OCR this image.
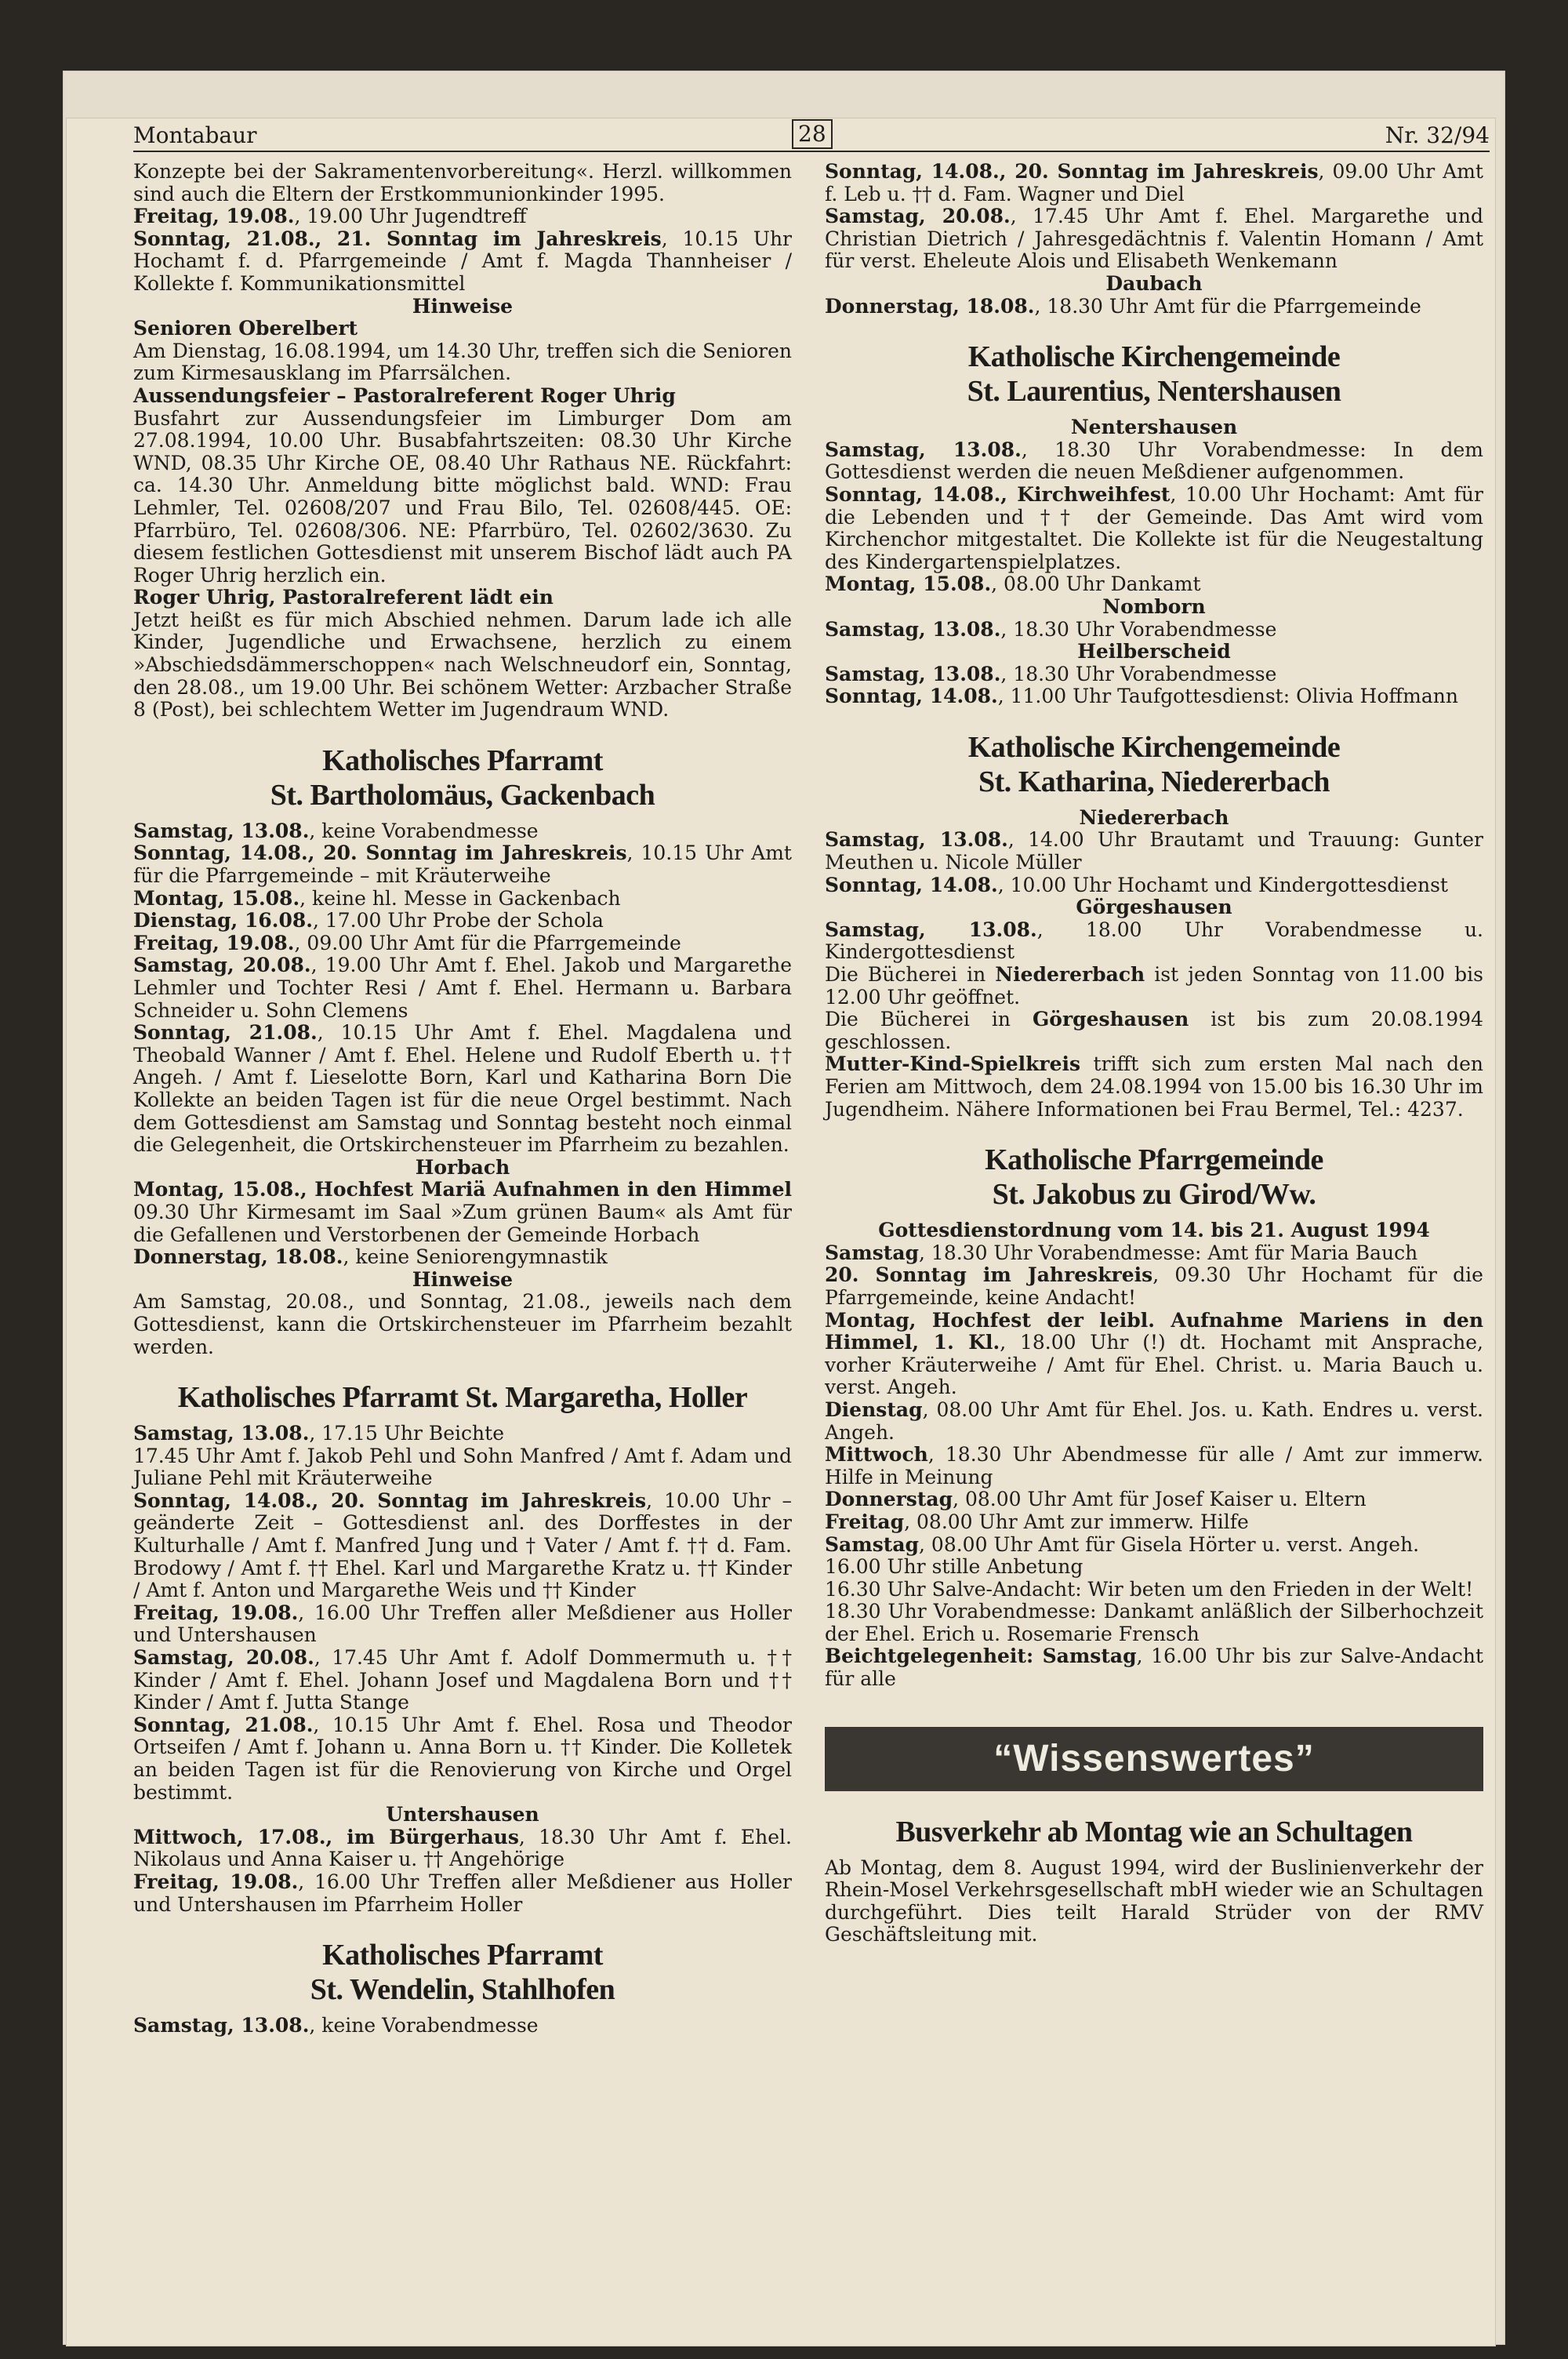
Montabaur	28	Nr. 32/94

Konzepte bei der Sakramentenvorbereitung«. Herzl. willkommen sind auch die Eltern der Erstkommunionkinder 1995.

Freitag, 19.08., 19.00 Uhr Jugendtreff

Sonntag, 21.08., 21. Sonntag im Jahreskreis, 10.15 Uhr Hochamt f. d. Pfarrgemeinde / Amt f. Magda Thannheiser / Kollekte f. Kommunikationsmittel

Hinweise

Senioren Oberelbert

Am Dienstag, 16.08.1994, um 14.30 Uhr, treffen sich die Senioren zum Kirmesausklang im Pfarrsälchen.

Aussendungsfeier – Pastoralreferent Roger Uhrig

Busfahrt zur Aussendungsfeier im Limburger Dom am 27.08.1994, 10.00 Uhr. Busabfahrtszeiten: 08.30 Uhr Kirche WND, 08.35 Uhr Kirche OE, 08.40 Uhr Rathaus NE. Rückfahrt: ca. 14.30 Uhr. Anmeldung bitte möglichst bald. WND: Frau Lehmler, Tel. 02608/207 und Frau Bilo, Tel. 02608/445. OE: Pfarrbüro, Tel. 02608/306. NE: Pfarrbüro, Tel. 02602/3630. Zu diesem festlichen Gottesdienst mit unserem Bischof lädt auch PA Roger Uhrig herzlich ein.

Roger Uhrig, Pastoralreferent lädt ein

Jetzt heißt es für mich Abschied nehmen. Darum lade ich alle Kinder, Jugendliche und Erwachsene, herzlich zu einem »Abschiedsdämmerschoppen« nach Welschneudorf ein, Sonntag, den 28.08., um 19.00 Uhr. Bei schönem Wetter: Arzbacher Straße 8 (Post), bei schlechtem Wetter im Jugendraum WND.

Katholisches Pfarramt
St. Bartholomäus, Gackenbach

Samstag, 13.08., keine Vorabendmesse

Sonntag, 14.08., 20. Sonntag im Jahreskreis, 10.15 Uhr Amt für die Pfarrgemeinde – mit Kräuterweihe

Montag, 15.08., keine hl. Messe in Gackenbach

Dienstag, 16.08., 17.00 Uhr Probe der Schola

Freitag, 19.08., 09.00 Uhr Amt für die Pfarrgemeinde

Samstag, 20.08., 19.00 Uhr Amt f. Ehel. Jakob und Margarethe Lehmler und Tochter Resi / Amt f. Ehel. Hermann u. Barbara Schneider u. Sohn Clemens

Sonntag, 21.08., 10.15 Uhr Amt f. Ehel. Magdalena und Theobald Wanner / Amt f. Ehel. Helene und Rudolf Eberth u. †† Angeh. / Amt f. Lieselotte Born, Karl und Katharina Born Die Kollekte an beiden Tagen ist für die neue Orgel bestimmt. Nach dem Gottesdienst am Samstag und Sonntag besteht noch einmal die Gelegenheit, die Ortskirchensteuer im Pfarrheim zu bezahlen.

Horbach

Montag, 15.08., Hochfest Mariä Aufnahmen in den Himmel 09.30 Uhr Kirmesamt im Saal »Zum grünen Baum« als Amt für die Gefallenen und Verstorbenen der Gemeinde Horbach

Donnerstag, 18.08., keine Seniorengymnastik

Hinweise

Am Samstag, 20.08., und Sonntag, 21.08., jeweils nach dem Gottesdienst, kann die Ortskirchensteuer im Pfarrheim bezahlt werden.

Katholisches Pfarramt St. Margaretha, Holler

Samstag, 13.08., 17.15 Uhr Beichte

17.45 Uhr Amt f. Jakob Pehl und Sohn Manfred / Amt f. Adam und Juliane Pehl mit Kräuterweihe

Sonntag, 14.08., 20. Sonntag im Jahreskreis, 10.00 Uhr – geänderte Zeit – Gottesdienst anl. des Dorffestes in der Kulturhalle / Amt f. Manfred Jung und † Vater / Amt f. †† d. Fam. Brodowy / Amt f. †† Ehel. Karl und Margarethe Kratz u. †† Kinder / Amt f. Anton und Margarethe Weis und †† Kinder

Freitag, 19.08., 16.00 Uhr Treffen aller Meßdiener aus Holler und Untershausen

Samstag, 20.08., 17.45 Uhr Amt f. Adolf Dommermuth u. †† Kinder / Amt f. Ehel. Johann Josef und Magdalena Born und †† Kinder / Amt f. Jutta Stange

Sonntag, 21.08., 10.15 Uhr Amt f. Ehel. Rosa und Theodor Ortseifen / Amt f. Johann u. Anna Born u. †† Kinder. Die Kolletek an beiden Tagen ist für die Renovierung von Kirche und Orgel bestimmt.

Untershausen

Mittwoch, 17.08., im Bürgerhaus, 18.30 Uhr Amt f. Ehel. Nikolaus und Anna Kaiser u. †† Angehörige

Freitag, 19.08., 16.00 Uhr Treffen aller Meßdiener aus Holler und Untershausen im Pfarrheim Holler

Katholisches Pfarramt
St. Wendelin, Stahlhofen

Samstag, 13.08., keine Vorabendmesse

Sonntag, 14.08., 20. Sonntag im Jahreskreis, 09.00 Uhr Amt f. Leb u. †† d. Fam. Wagner und Diel

Samstag, 20.08., 17.45 Uhr Amt f. Ehel. Margarethe und Christian Dietrich / Jahresgedächtnis f. Valentin Homann / Amt für verst. Eheleute Alois und Elisabeth Wenkemann

Daubach

Donnerstag, 18.08., 18.30 Uhr Amt für die Pfarrgemeinde

Katholische Kirchengemeinde
St. Laurentius, Nentershausen

Nentershausen

Samstag, 13.08., 18.30 Uhr Vorabendmesse: In dem Gottesdienst werden die neuen Meßdiener aufgenommen.

Sonntag, 14.08., Kirchweihfest, 10.00 Uhr Hochamt: Amt für die Lebenden und †† der Gemeinde. Das Amt wird vom Kirchenchor mitgestaltet. Die Kollekte ist für die Neugestaltung des Kindergartenspielplatzes.

Montag, 15.08., 08.00 Uhr Dankamt

Nomborn

Samstag, 13.08., 18.30 Uhr Vorabendmesse

Heilberscheid

Samstag, 13.08., 18.30 Uhr Vorabendmesse

Sonntag, 14.08., 11.00 Uhr Taufgottesdienst: Olivia Hoffmann

Katholische Kirchengemeinde
St. Katharina, Niedererbach

Niedererbach

Samstag, 13.08., 14.00 Uhr Brautamt und Trauung: Gunter Meuthen u. Nicole Müller

Sonntag, 14.08., 10.00 Uhr Hochamt und Kindergottesdienst

Görgeshausen

Samstag, 13.08., 18.00 Uhr Vorabendmesse u. Kindergottesdienst

Die Bücherei in Niedererbach ist jeden Sonntag von 11.00 bis 12.00 Uhr geöffnet.

Die Bücherei in Görgeshausen ist bis zum 20.08.1994 geschlossen.

Mutter-Kind-Spielkreis trifft sich zum ersten Mal nach den Ferien am Mittwoch, dem 24.08.1994 von 15.00 bis 16.30 Uhr im Jugendheim. Nähere Informationen bei Frau Bermel, Tel.: 4237.

Katholische Pfarrgemeinde
St. Jakobus zu Girod/Ww.

Gottesdienstordnung vom 14. bis 21. August 1994

Samstag, 18.30 Uhr Vorabendmesse: Amt für Maria Bauch

20. Sonntag im Jahreskreis, 09.30 Uhr Hochamt für die Pfarrgemeinde, keine Andacht!

Montag, Hochfest der leibl. Aufnahme Mariens in den Himmel, 1. Kl., 18.00 Uhr (!) dt. Hochamt mit Ansprache, vorher Kräuterweihe / Amt für Ehel. Christ. u. Maria Bauch u. verst. Angeh.

Dienstag, 08.00 Uhr Amt für Ehel. Jos. u. Kath. Endres u. verst. Angeh.

Mittwoch, 18.30 Uhr Abendmesse für alle / Amt zur immerw. Hilfe in Meinung

Donnerstag, 08.00 Uhr Amt für Josef Kaiser u. Eltern

Freitag, 08.00 Uhr Amt zur immerw. Hilfe

Samstag, 08.00 Uhr Amt für Gisela Hörter u. verst. Angeh.

16.00 Uhr stille Anbetung

16.30 Uhr Salve-Andacht: Wir beten um den Frieden in der Welt!

18.30 Uhr Vorabendmesse: Dankamt anläßlich der Silberhochzeit der Ehel. Erich u. Rosemarie Frensch

Beichtgelegenheit: Samstag, 16.00 Uhr bis zur Salve-Andacht für alle

“Wissenswertes”
Busverkehr ab Montag wie an Schultagen

Ab Montag, dem 8. August 1994, wird der Buslinienverkehr der Rhein-Mosel Verkehrsgesellschaft mbH wieder wie an Schultagen durchgeführt. Dies teilt Harald Strüder von der RMV Geschäftsleitung mit.
